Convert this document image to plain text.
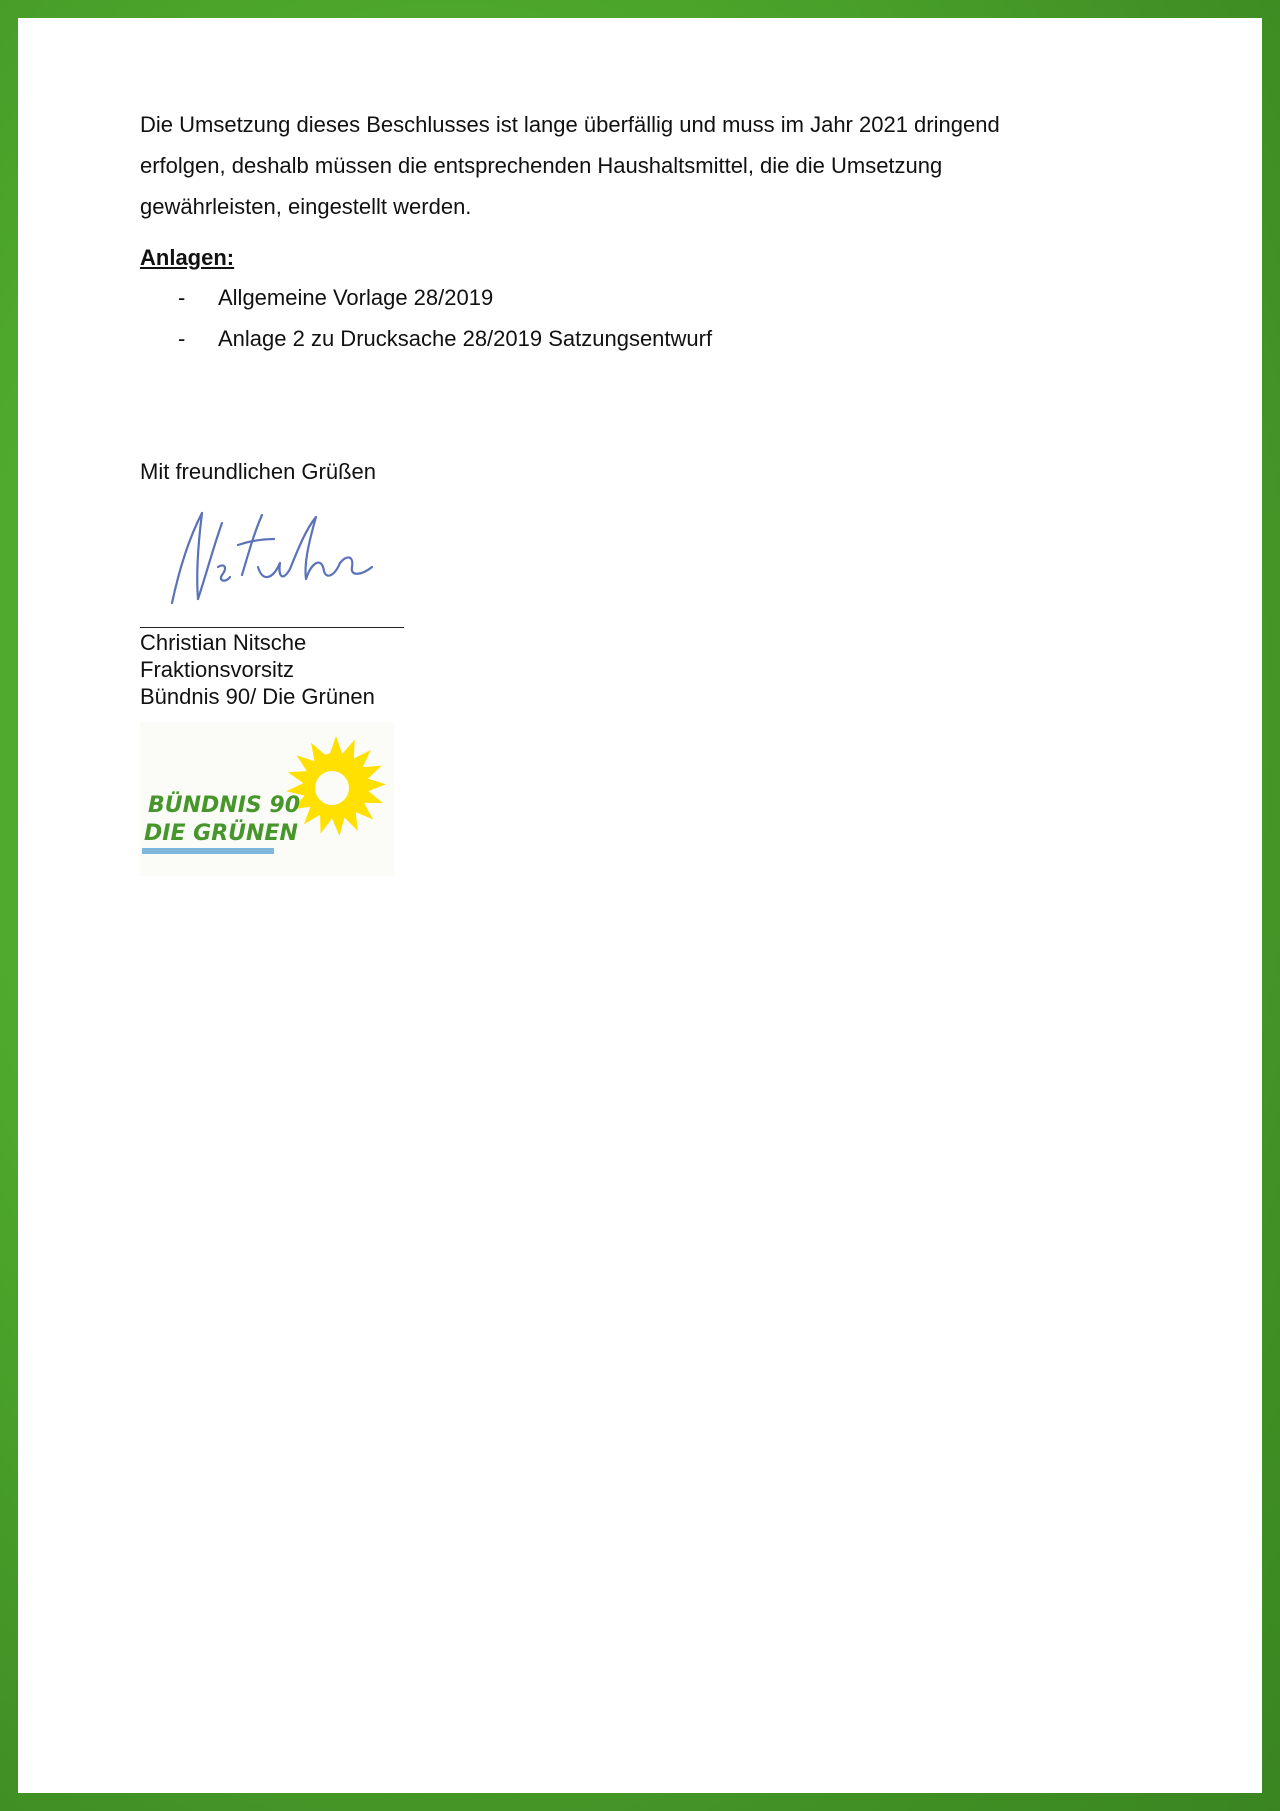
Die Umsetzung dieses Beschlusses ist lange überfällig und muss im Jahr 2021 dringend
erfolgen, deshalb müssen die entsprechenden Haushaltsmittel, die die Umsetzung
gewährleisten, eingestellt werden.

Anlagen:
-	Allgemeine Vorlage 28/2019
-	Anlage 2 zu Drucksache 28/2019 Satzungsentwurf

Mit freundlichen Grüßen

Christian Nitsche
Fraktionsvorsitz
Bündnis 90/ Die Grünen
BÜNDNIS 90
DIE GRÜNEN
